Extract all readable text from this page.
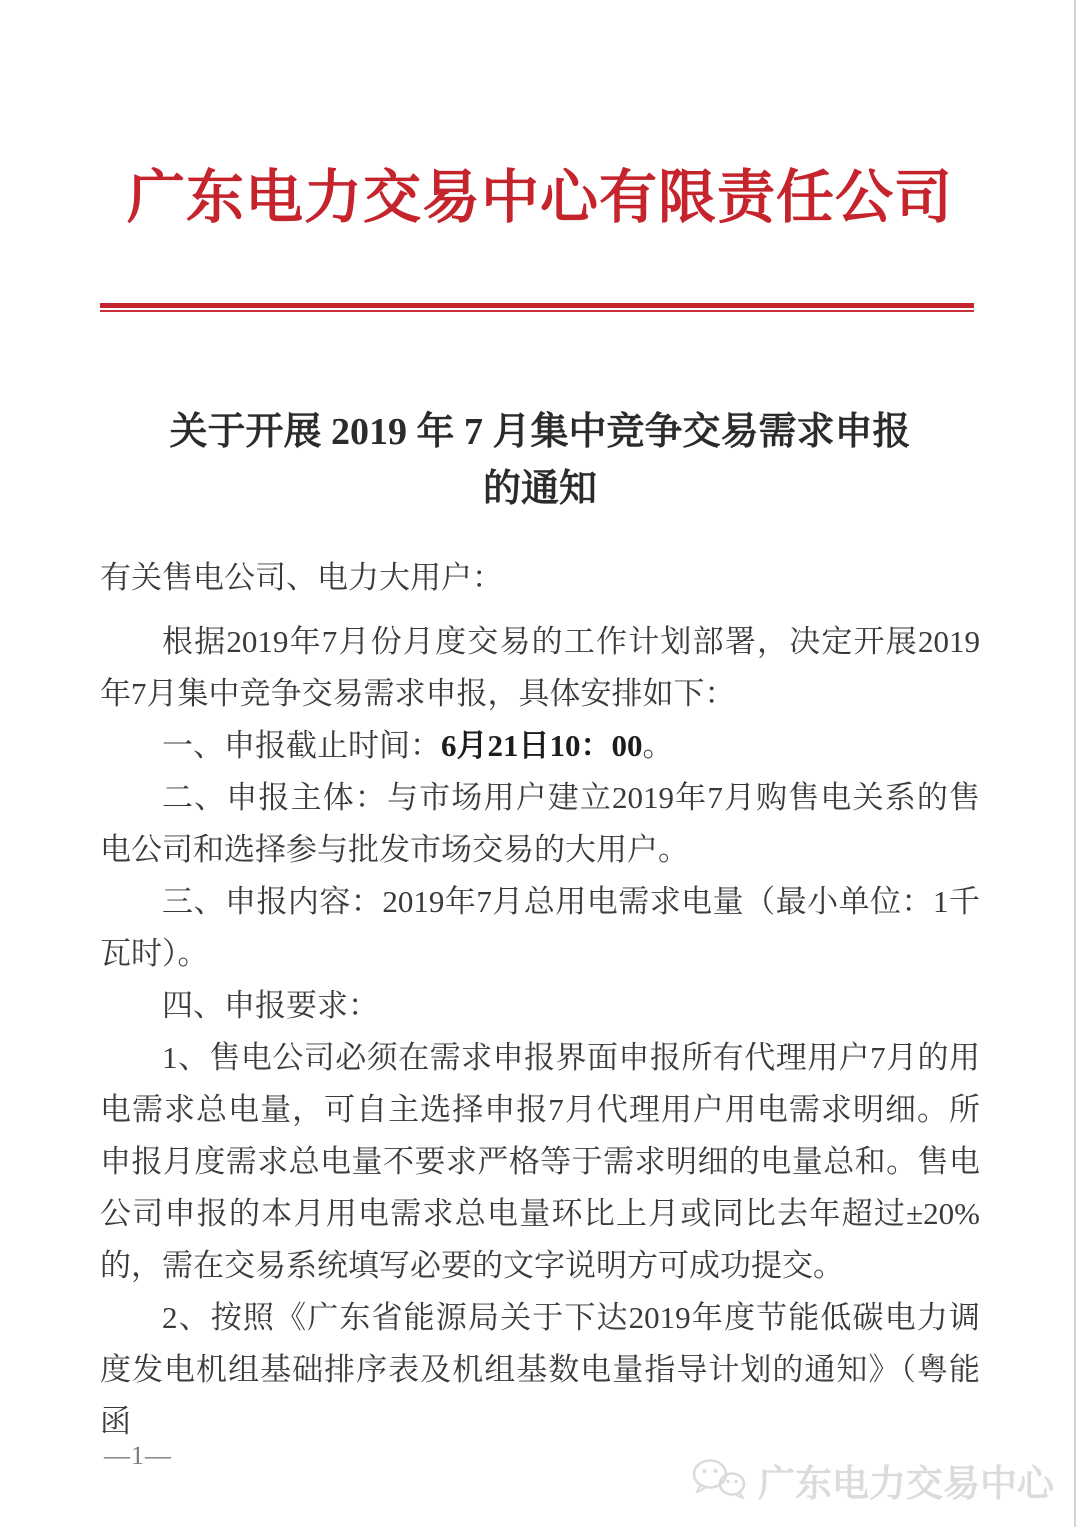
广东电力交易中心有限责任公司
关于开展 2019 年 7 月集中竞争交易需求申报
的通知

有关售电公司、电力大用户：

根据2019年7月份月度交易的工作计划部署，决定开展2019年7月集中竞争交易需求申报，具体安排如下：

一、申报截止时间：6月21日10：00。

二、申报主体：与市场用户建立2019年7月购售电关系的售电公司和选择参与批发市场交易的大用户。

三、申报内容：2019年7月总用电需求电量（最小单位：1千瓦时）。

四、申报要求：

1、售电公司必须在需求申报界面申报所有代理用户7月的用电需求总电量，可自主选择申报7月代理用户用电需求明细。所申报月度需求总电量不要求严格等于需求明细的电量总和。售电公司申报的本月用电需求总电量环比上月或同比去年超过±20%的，需在交易系统填写必要的文字说明方可成功提交。

2、按照《广东省能源局关于下达2019年度节能低碳电力调度发电机组基础排序表及机组基数电量指导计划的通知》（粤能函

—1—
广东电力交易中心
